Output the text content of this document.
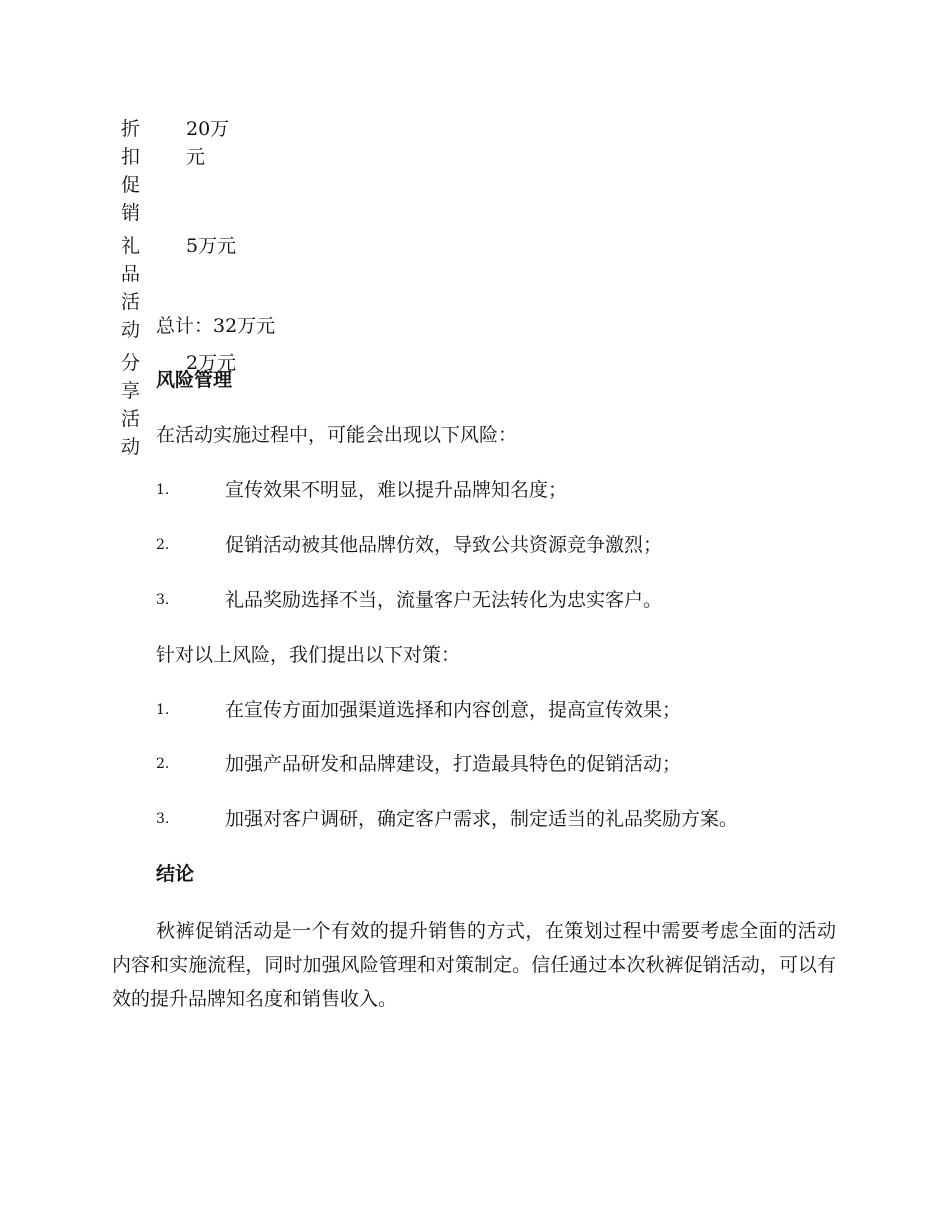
折扣促销
20万元
礼品活动
5万元
分享活动
2万元

总计：32万元

风险管理

在活动实施过程中，可能会出现以下风险：

1.	宣传效果不明显，难以提升品牌知名度；
2.	促销活动被其他品牌仿效，导致公共资源竞争激烈；
3.	礼品奖励选择不当，流量客户无法转化为忠实客户。

针对以上风险，我们提出以下对策：

1.	在宣传方面加强渠道选择和内容创意，提高宣传效果；
2.	加强产品研发和品牌建设，打造最具特色的促销活动；
3.	加强对客户调研，确定客户需求，制定适当的礼品奖励方案。
结论

秋裤促销活动是一个有效的提升销售的方式，在策划过程中需要考虑全面的活动内容和实施流程，同时加强风险管理和对策制定。信任通过本次秋裤促销活动，可以有效的提升品牌知名度和销售收入。
